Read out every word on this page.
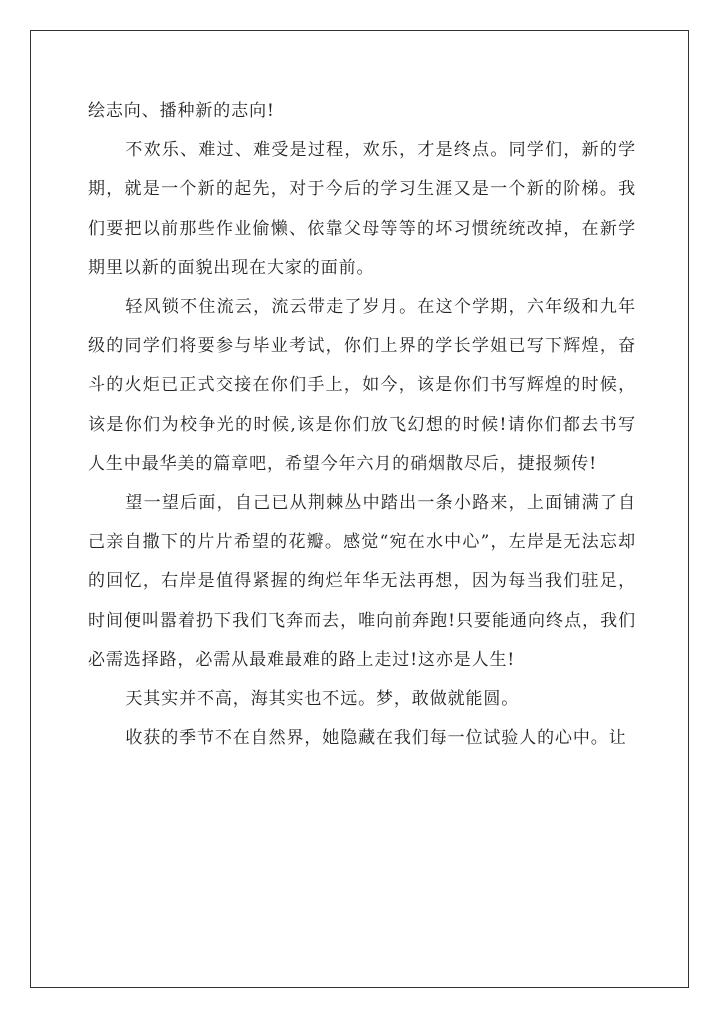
绘志向、播种新的志向!

不欢乐、难过、难受是过程，欢乐，才是终点。同学们，新的学期，就是一个新的起先，对于今后的学习生涯又是一个新的阶梯。我们要把以前那些作业偷懒、依靠父母等等的坏习惯统统改掉，在新学期里以新的面貌出现在大家的面前。

轻风锁不住流云，流云带走了岁月。在这个学期，六年级和九年级的同学们将要参与毕业考试，你们上界的学长学姐已写下辉煌，奋斗的火炬已正式交接在你们手上，如今，该是你们书写辉煌的时候，该是你们为校争光的时候,该是你们放飞幻想的时候!请你们都去书写人生中最华美的篇章吧，希望今年六月的硝烟散尽后，捷报频传!

望一望后面，自己已从荆棘丛中踏出一条小路来，上面铺满了自己亲自撒下的片片希望的花瓣。感觉“宛在水中心”，左岸是无法忘却的回忆，右岸是值得紧握的绚烂年华无法再想，因为每当我们驻足，时间便叫嚣着扔下我们飞奔而去，唯向前奔跑!只要能通向终点，我们必需选择路，必需从最难最难的路上走过!这亦是人生!

天其实并不高，海其实也不远。梦，敢做就能圆。

收获的季节不在自然界，她隐藏在我们每一位试验人的心中。让
